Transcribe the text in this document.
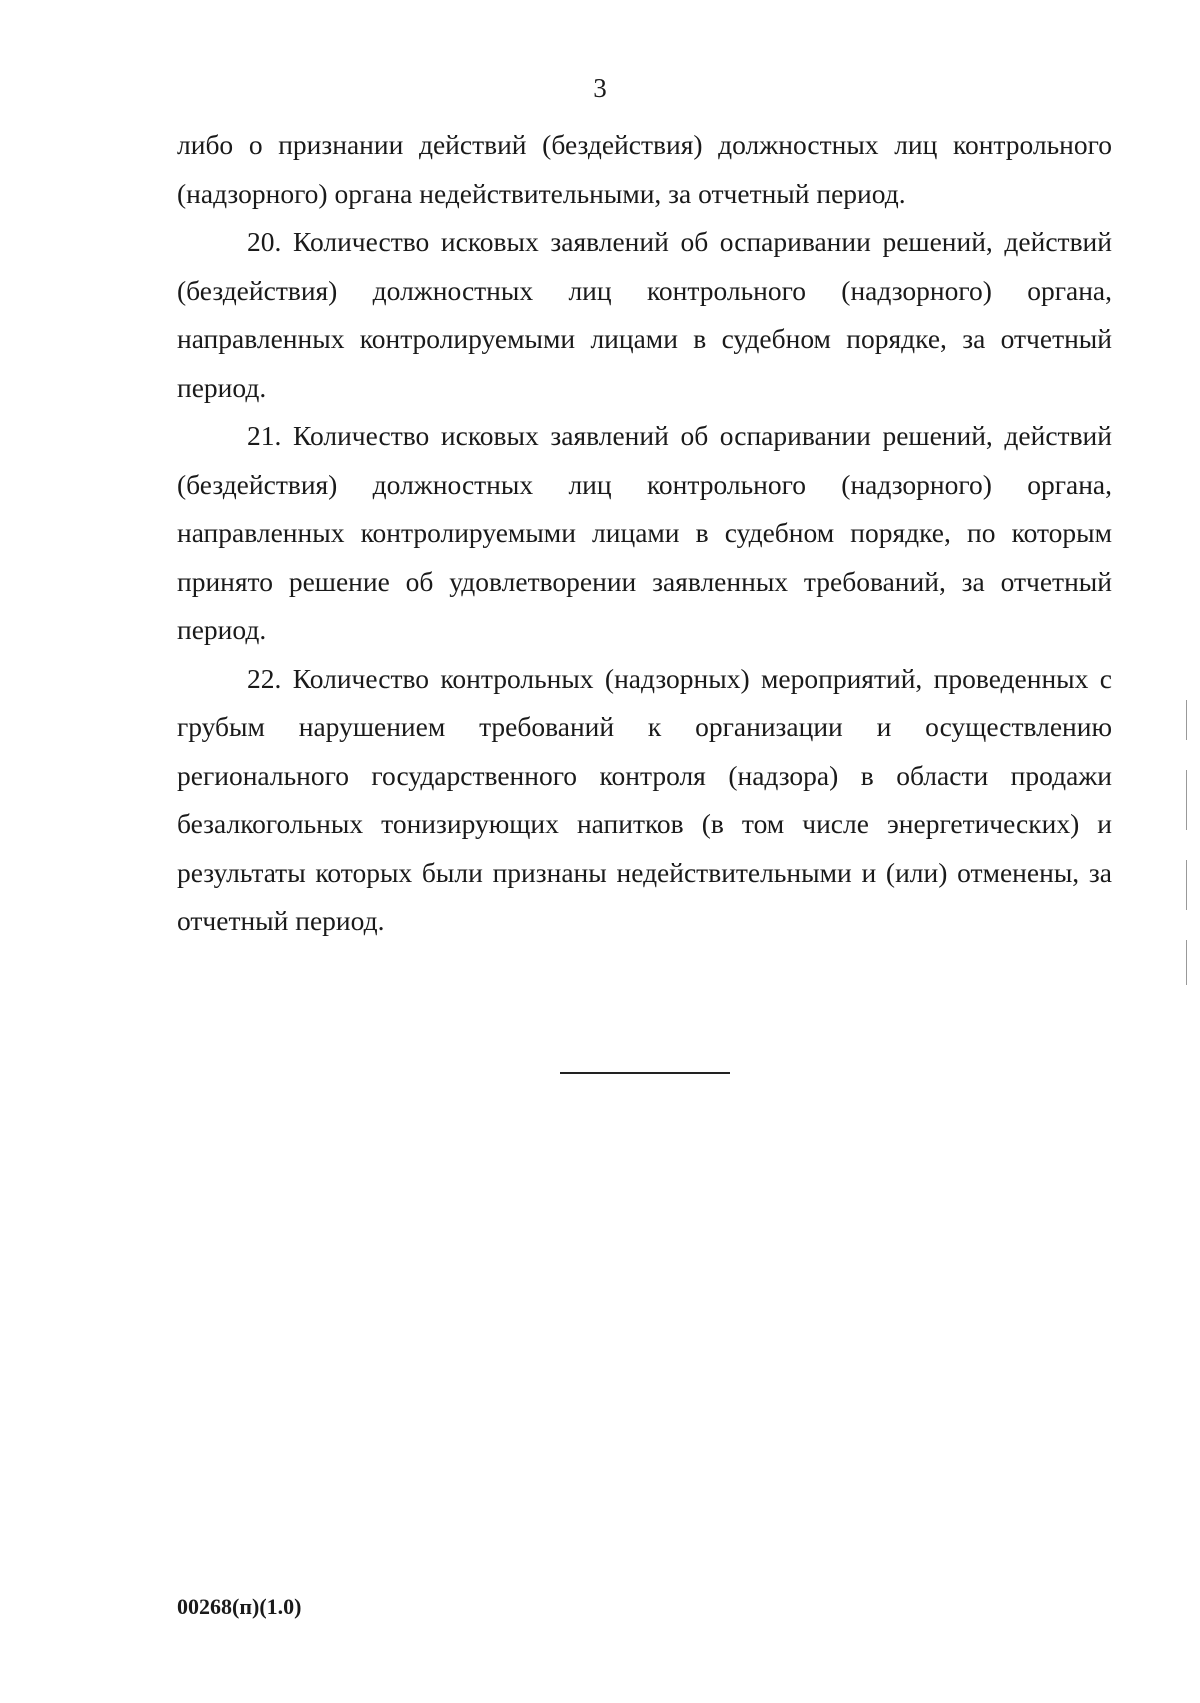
3

либо о признании действий (бездействия) должностных лиц контрольного (надзорного) органа недействительными, за отчетный период.

20. Количество исковых заявлений об оспаривании решений, действий (бездействия) должностных лиц контрольного (надзорного) органа, направленных контролируемыми лицами в судебном порядке, за отчетный период.

21. Количество исковых заявлений об оспаривании решений, действий (бездействия) должностных лиц контрольного (надзорного) органа, направленных контролируемыми лицами в судебном порядке, по которым принято решение об удовлетворении заявленных требований, за отчетный период.

22. Количество контрольных (надзорных) мероприятий, проведенных с грубым нарушением требований к организации и осуществлению регионального государственного контроля (надзора) в области продажи безалкогольных тонизирующих напитков (в том числе энергетических) и результаты которых были признаны недействительными и (или) отменены, за отчетный период.

00268(п)(1.0)
